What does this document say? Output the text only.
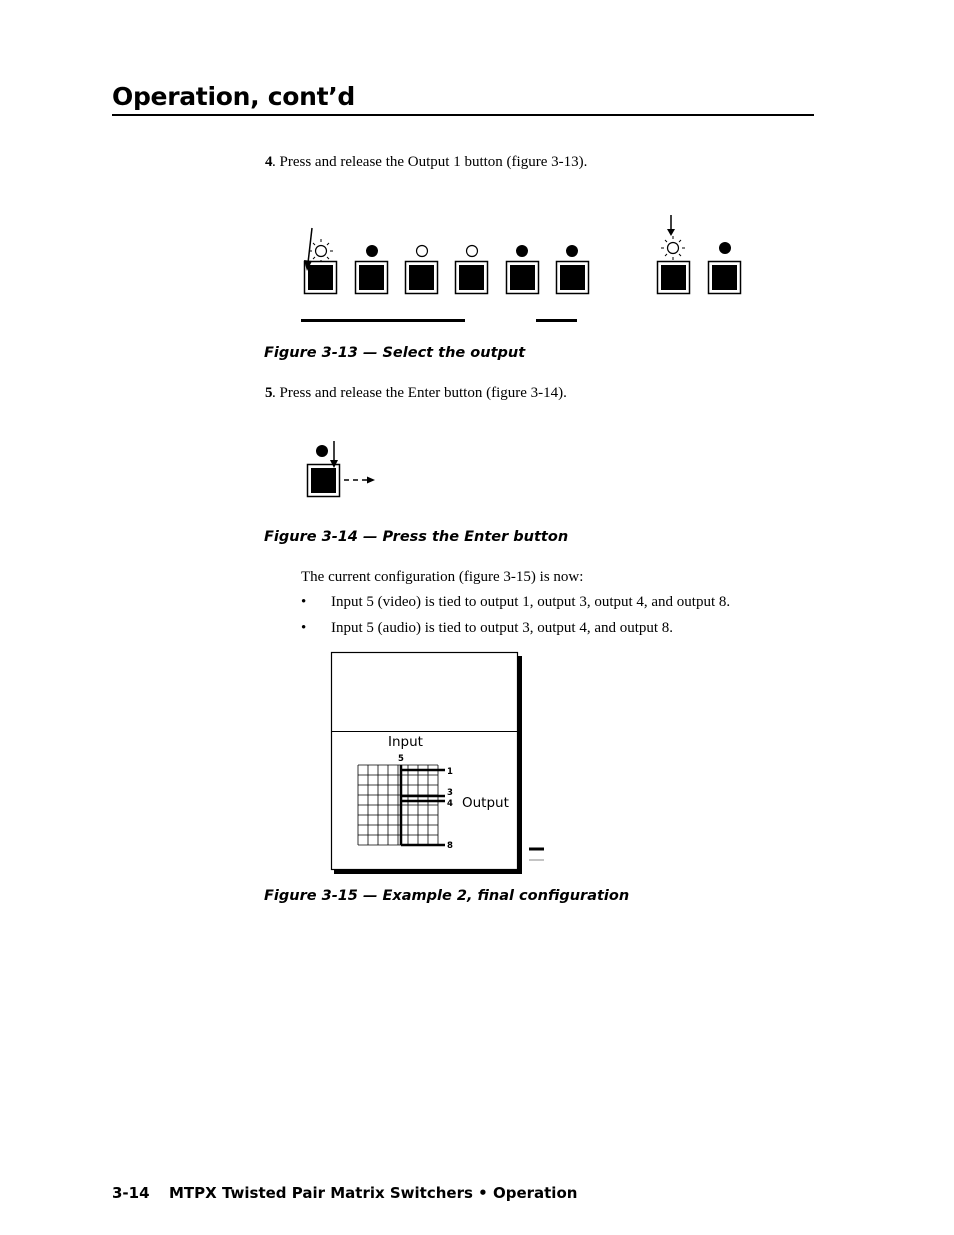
Operation, cont’d
4 . Press and release the Output 1 button (figure 3-13).
Figure 3-13 — Select the output
5 . Press and release the Enter button (figure 3-14).
Figure 3-14 — Press the Enter button
The current configuration (figure 3-15) is now:
• Input 5 (video) is tied to output 1, output 3, output 4, and output 8.
• Input 5 (audio) is tied to output 3, output 4, and output 8.
Input
5
1
3
4
8
Output
Figure 3-15 — Example 2, final configuration
3-14 MTPX Twisted Pair Matrix Switchers • Operation
